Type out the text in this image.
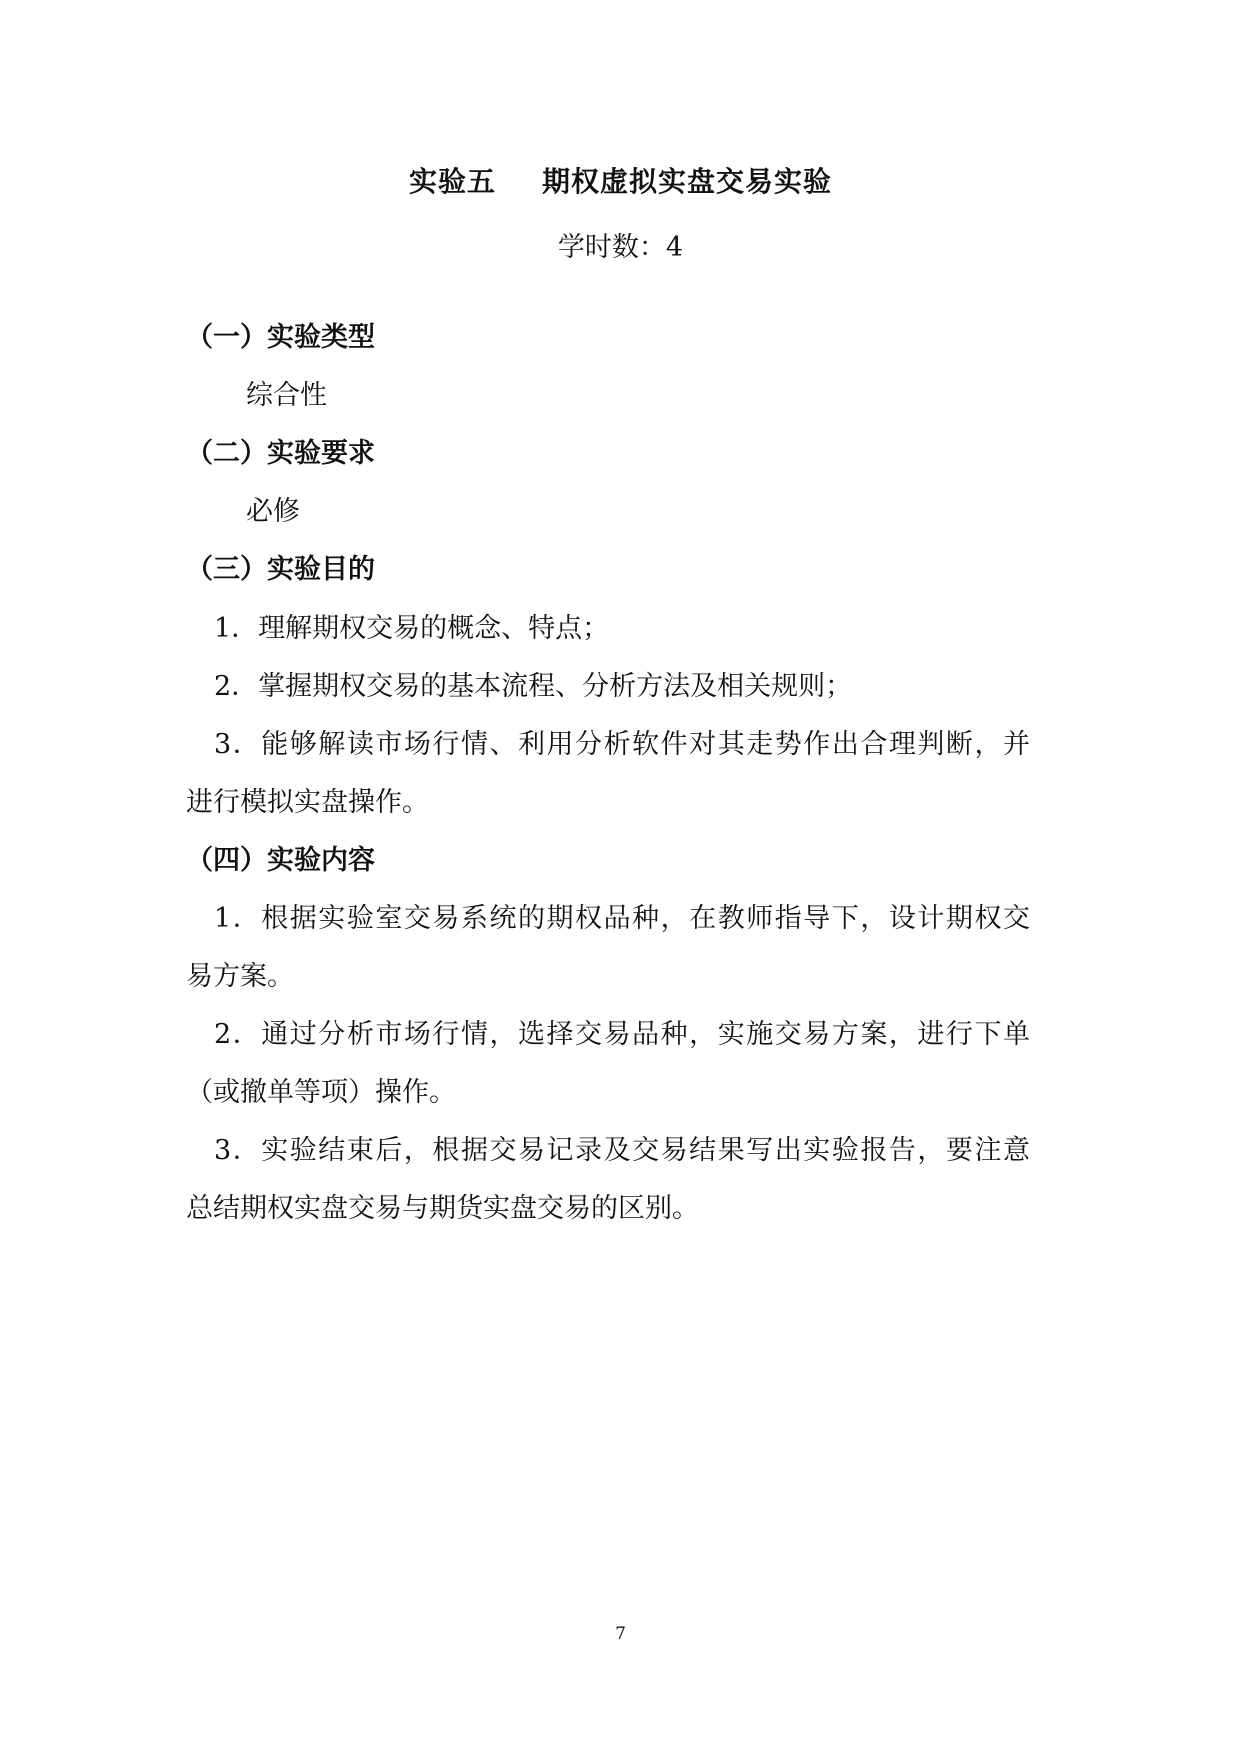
实验五 期权虚拟实盘交易实验
学时数：4
（一）实验类型
综合性
（二）实验要求
必修
（三）实验目的
1．理解期权交易的概念、特点；
2．掌握期权交易的基本流程、分析方法及相关规则；
3．能够解读市场行情、利用分析软件对其走势作出合理判断，并
进行模拟实盘操作。
（四）实验内容
1．根据实验室交易系统的期权品种，在教师指导下，设计期权交
易方案。
2．通过分析市场行情，选择交易品种，实施交易方案，进行下单
（或撤单等项）操作。
3．实验结束后，根据交易记录及交易结果写出实验报告，要注意
总结期权实盘交易与期货实盘交易的区别。
7
